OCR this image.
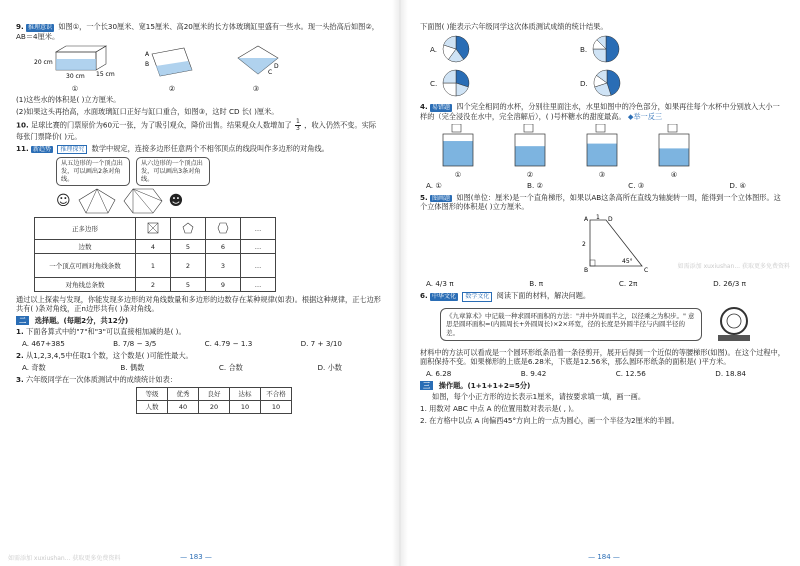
9. 推理意识 如图①，一个长30厘米、宽15厘米、高20厘米的长方体玻璃缸里盛有一些水。现一头抬高后如图②，AB＝4厘米。
20 cm
30 cm 15 cm
①
A
B
②
C
D
③
(1)这些水的体积是( )立方厘米。
(2)如果这头再抬高，水面玻璃缸口正好与缸口重合，如图③，这时 CD 长( )厘米。
10. 足球比赛的门票原价为60元一张，为了吸引观众，降价出售。结果观众人数增加了 $\frac{1}{3}$ ，收入仍然不变。实际每张门票降价( )元。
11. 新趋势 推理探究 数学中规定，连接多边形任意两个不相邻顶点的线段叫作多边形的对角线。
从五边形的一个顶点出发，可以画出2条对角线。
从六边形的一个顶点出发，可以画出3条对角线。
☺	☻
正多边形				…
边数	4	5	6	…
一个顶点可画对角线条数	1	2	3	…
对角线总条数	2	5	9	…
通过以上探索与发现，你能发现多边形的对角线数量和多边形的边数存在某种规律(如表)。根据这种规律，正七边形共有( )条对角线，正n边形共有( )条对角线。
二 选择题。(每题2分，共12分)
1. 下面各算式中的"7"和"3"可以直接相加减的是( )。
A. 467+385	B. 7/8 − 3/5	C. 4.79 − 1.3	D. 7 + 3/10
2. 从1,2,3,4,5中任取1个数，这个数是( )可能性最大。
A. 奇数	B. 偶数	C. 合数	D. 小数
3. 六年级同学在一次体质测试中的成绩统计如表：
等级	优秀	良好	达标	不合格
人数	40	20	10	10
如需添加 xuxiushan... 获取更多免费资料	— 183 —
下面图( )能表示六年级同学这次体质测试成绩的统计结果。
A.	B.
C.	D.
4. 易错题 四个完全相同的水杯，分别往里面注水，水里如图中的冷色部分，如果再往每个水杯中分别放入大小一样的（完全浸没在水中，完全溶解后），( )号杯糖水的甜度最高。 ◆举一反三
①	②	③	④
A. ①	B. ②	C. ③	D. ④
5. 图画题 如图(单位：厘米)是一个直角梯形，如果以AB这条高所在直线为轴旋转一周，能得到一个立体图形。这个立体图形的体积是( )立方厘米。
A 1 D
2
45°
B	C
A. 4/3 π	B. π	C. 2π	D. 26/3 π
6. 中华文化 数学文化 阅读下面的材料，解决问题。
《九章算术》中记载一种求圆环面积的方法："并中外周而半之，以径乘之为积步。" 意思是圆环面积=(内圆周长+外圆周长)×2×环宽，径的长度是外圆半径与内圆半径的差。
材料中的方法可以看成是一个圆环形纸条沿着一条径剪开，展开后得到一个近似的等腰梯形(如图)。在这个过程中，面积保持不变。如果梯形的上底是6.28米，下底是12.56米，那么圆环形纸条的面积是( )平方米。
A. 6.28	B. 9.42	C. 12.56	D. 18.84
三 操作题。(1+1+1+2=5分)
如图，每个小正方形的边长表示1厘米，请按要求填一填，画一画。
1. 用数对 ABC 中点 A 的位置用数对表示是( , )。
2. 在方格中以点 A 向偏西45°方向上的一点为圆心，画一个半径为2厘米的半圆。
如需添加 xuxiushan... 获取更多免费资料
— 184 —
